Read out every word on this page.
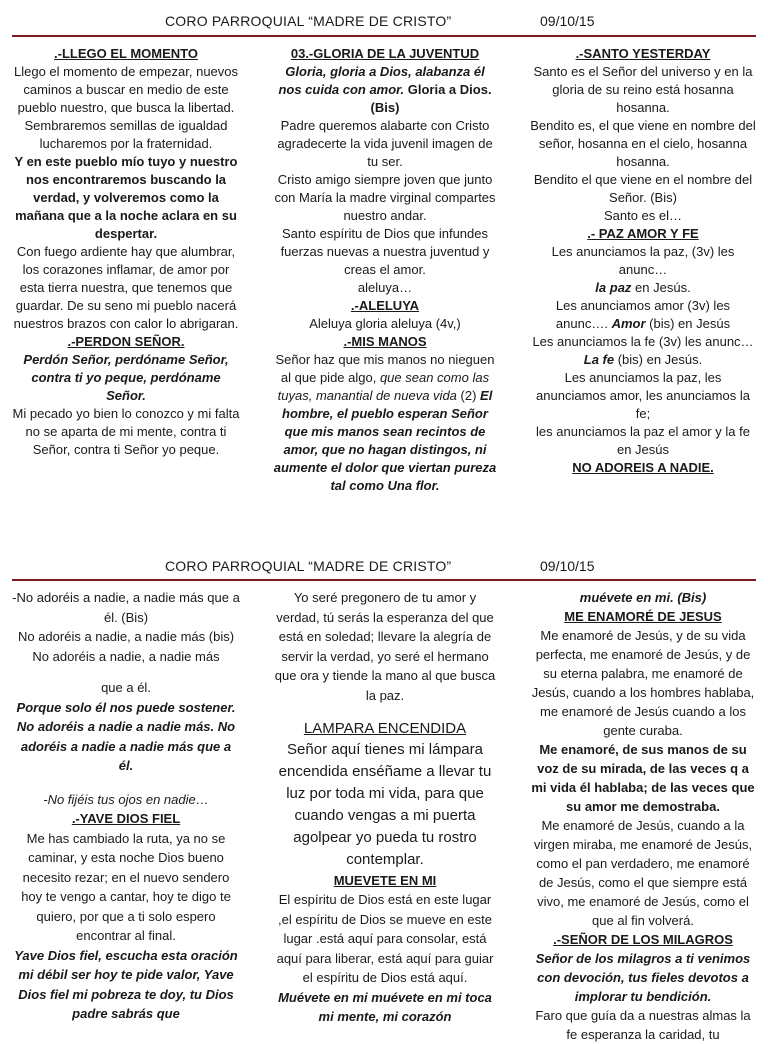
CORO PARROQUIAL “MADRE DE CRISTO”	09/10/15

.-LLEGO EL MOMENTO

Llego el momento de empezar, nuevos caminos a buscar en medio de este pueblo nuestro, que busca la libertad. Sembraremos semillas de igualdad lucharemos por la fraternidad.

Y en este pueblo mío tuyo y nuestro nos encontraremos buscando la verdad, y volveremos como la mañana que a la noche aclara en su despertar.

Con fuego ardiente hay que alumbrar, los corazones inflamar, de amor por esta tierra nuestra, que tenemos que guardar. De su seno mi pueblo nacerá nuestros brazos con calor lo abrigaran.

.-PERDON SEÑOR.

Perdón Señor, perdóname Señor, contra ti yo peque, perdóname Señor.

Mi pecado yo bien lo conozco y mi falta no se aparta de mi mente, contra ti Señor, contra ti Señor yo peque.

03.-GLORIA DE LA JUVENTUD

Gloria, gloria a Dios, alabanza él nos cuida con amor. Gloria a Dios. (Bis)

Padre queremos alabarte con Cristo agradecerte la vida juvenil imagen de tu ser.

Cristo amigo siempre joven que junto con María la madre virginal compartes nuestro andar.

Santo espíritu de Dios que infundes fuerzas nuevas a nuestra juventud y creas el amor.

aleluya…

.-ALELUYA

Aleluya gloria aleluya (4v,)

.-MIS MANOS

Señor haz que mis manos no nieguen al que pide algo, que sean como las tuyas, manantial de nueva vida (2) El hombre, el pueblo esperan Señor que mis manos sean recintos de amor, que no hagan distingos, ni aumente el dolor que viertan pureza tal como Una flor.

.-SANTO YESTERDAY

Santo es el Señor del universo y en la gloria de su reino está hosanna hosanna.

Bendito es, el que viene en nombre del señor, hosanna en el cielo, hosanna hosanna.

Bendito el que viene en el nombre del Señor. (Bis)

Santo es el…

.- PAZ AMOR Y FE

Les anunciamos la paz, (3v) les anunc…

la paz en Jesús.

Les anunciamos amor (3v) les anunc…. Amor (bis) en Jesús

Les anunciamos la fe (3v) les anunc…

La fe (bis) en Jesús.

Les anunciamos la paz, les anunciamos amor, les anunciamos la fe;

les anunciamos la paz el amor y la fe en Jesús

NO ADOREIS A NADIE.

CORO PARROQUIAL “MADRE DE CRISTO”	09/10/15

-No adoréis a nadie, a nadie más que a él. (Bis)

No adoréis a nadie, a nadie más (bis)

No adoréis a nadie, a nadie más

que a él.

Porque solo él nos puede sostener. No adoréis a nadie a nadie más. No adoréis a nadie a nadie más que a él.

-No fijéis tus ojos en nadie…

.-YAVE DIOS FIEL

Me has cambiado la ruta, ya no se caminar, y esta noche Dios bueno necesito rezar; en el nuevo sendero hoy te vengo a cantar, hoy te digo te quiero, por que a ti solo espero encontrar al final.

Yave Dios fiel, escucha esta oración mi débil ser hoy te pide valor, Yave Dios fiel mi pobreza te doy, tu Dios padre sabrás que

Yo seré pregonero de tu amor y verdad, tú serás la esperanza del que está en soledad; llevare la alegría de servir la verdad, yo seré el hermano que ora y tiende la mano al que busca la paz.

LAMPARA ENCENDIDA

Señor aquí tienes mi lámpara encendida enséñame a llevar tu luz por toda mi vida, para que cuando vengas a mi puerta agolpear yo pueda tu rostro contemplar.

MUEVETE EN MI

El espíritu de Dios está en este lugar ,el espíritu de Dios se mueve en este lugar .está aquí para consolar, está aquí para liberar, está aquí para guiar el espíritu de Dios está aquí.

Muévete en mi muévete en mi toca mi mente, mi corazón

muévete en mi. (Bis)

ME ENAMORÉ DE JESUS

Me enamoré de Jesús, y de su vida perfecta, me enamoré de Jesús, y de su eterna palabra, me enamoré de Jesús, cuando a los hombres hablaba, me enamoré de Jesús cuando a los gente curaba.

Me enamoré, de sus manos de su voz de su mirada, de las veces q a mi vida él hablaba; de las veces que su amor me demostraba.

Me enamoré de Jesús, cuando a la virgen miraba, me enamoré de Jesús, como el pan verdadero, me enamoré de Jesús, como el que siempre está vivo, me enamoré de Jesús, como el que al fin volverá.

.-SEÑOR DE LOS MILAGROS

Señor de los milagros a ti venimos con devoción, tus fieles devotos a implorar tu bendición.

Faro que guía da a nuestras almas la fe esperanza la caridad, tu
